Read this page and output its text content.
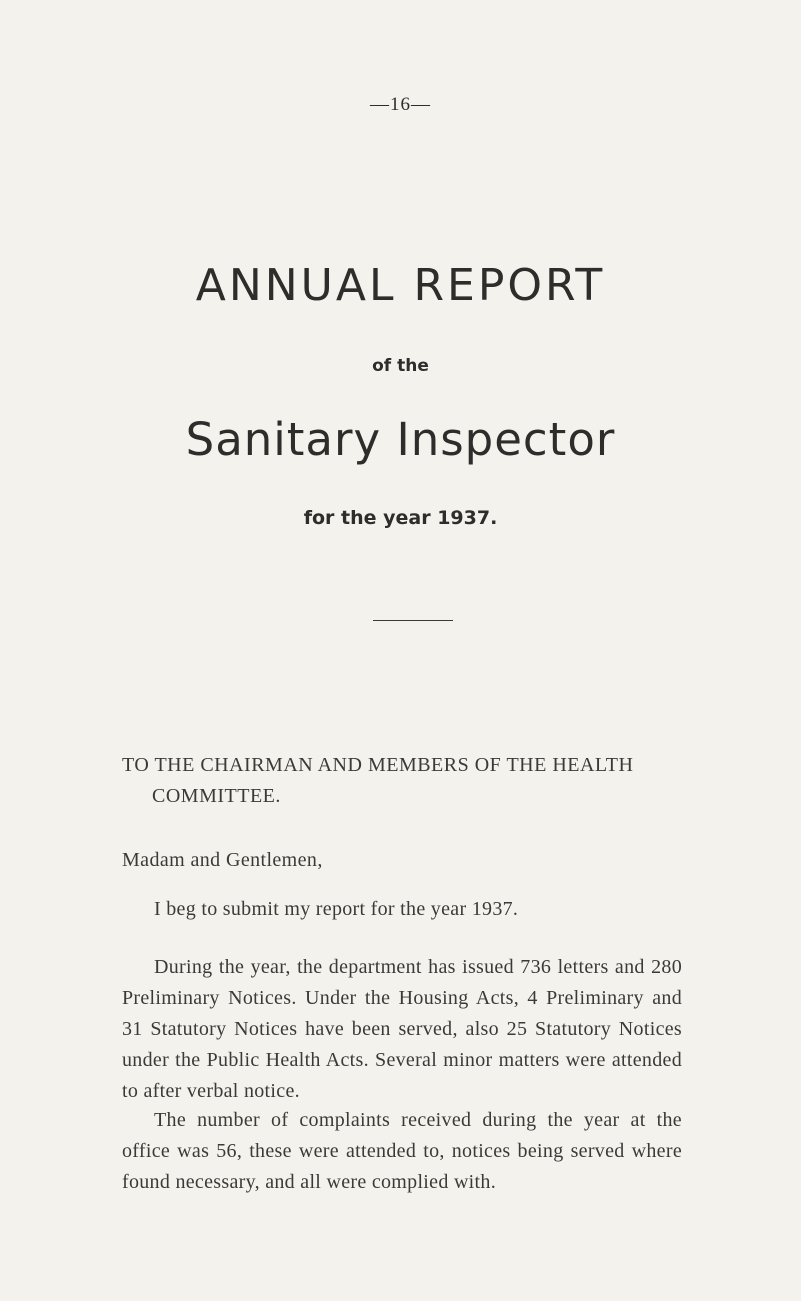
—16—
ANNUAL REPORT
of the
Sanitary Inspector
for the year 1937.
TO THE CHAIRMAN AND MEMBERS OF THE HEALTH
COMMITTEE.
Madam and Gentlemen,
I beg to submit my report for the year 1937.
During the year, the department has issued 736 letters and 280 Preliminary Notices. Under the Housing Acts, 4 Preliminary and 31 Statutory Notices have been served, also 25 Statutory Notices under the Public Health Acts. Several minor matters were attended to after verbal notice.
The number of complaints received during the year at the office was 56, these were attended to, notices being served where found necessary, and all were complied with.
